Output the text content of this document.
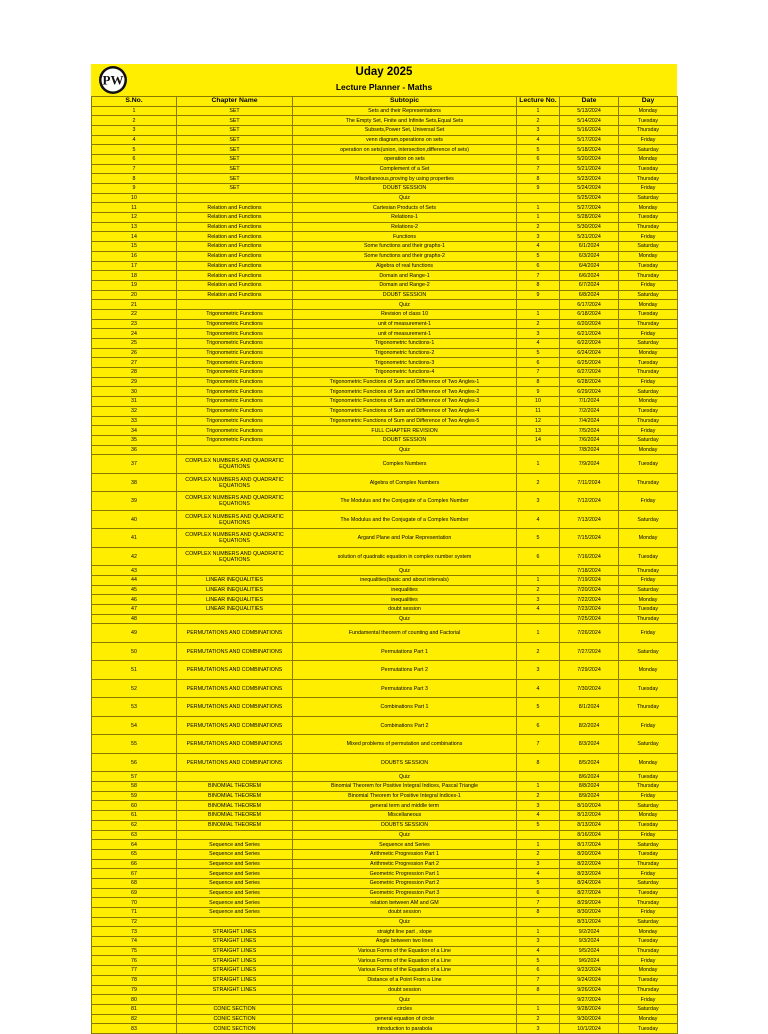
PW
Uday 2025
Lecture Planner - Maths
S.No.	Chapter Name	Subtopic	Lecture No.	Date	Day
1	SET	Sets and their Representations	1	5/13/2024	Monday
2	SET	The Empty Set, Finite and Infinite Sets,Equal Sets	2	5/14/2024	Tuesday
3	SET	Subsets,Power Set, Universal Set	3	5/16/2024	Thursday
4	SET	venn diagram,operations on sets	4	5/17/2024	Friday
5	SET	operation on sets(union, intersection,difference of sets)	5	5/18/2024	Saturday
6	SET	operation on sets	6	5/20/2024	Monday
7	SET	Complement of a Set	7	5/21/2024	Tuesday
8	SET	Miscellaneous,proving by using properties	8	5/23/2024	Thursday
9	SET	DOUBT SESSION	9	5/24/2024	Friday
10		Quiz		5/25/2024	Saturday
11	Relation and Functions	Cartesian Products of Sets	1	5/27/2024	Monday
12	Relation and Functions	Relations-1	1	5/28/2024	Tuesday
13	Relation and Functions	Relations-2	2	5/30/2024	Thursday
14	Relation and Functions	Functions	3	5/31/2024	Friday
15	Relation and Functions	Some functions and their graphs-1	4	6/1/2024	Saturday
16	Relation and Functions	Some functions and their graphs-2	5	6/3/2024	Monday
17	Relation and Functions	Algebra of real functions	6	6/4/2024	Tuesday
18	Relation and Functions	Domain and Range-1	7	6/6/2024	Thursday
19	Relation and Functions	Domain and Range-2	8	6/7/2024	Friday
20	Relation and Functions	DOUBT SESSION	9	6/8/2024	Saturday
21		Quiz		6/17/2024	Monday
22	Trigonometric Functions	Revision of class 10	1	6/18/2024	Tuesday
23	Trigonometric Functions	unit of measurement-1	2	6/20/2024	Thursday
24	Trigonometric Functions	unit of measurement-1	3	6/21/2024	Friday
25	Trigonometric Functions	Trigonometric functions-1	4	6/22/2024	Saturday
26	Trigonometric Functions	Trigonometric functions-2	5	6/24/2024	Monday
27	Trigonometric Functions	Trigonometric functions-3	6	6/25/2024	Tuesday
28	Trigonometric Functions	Trigonometric functions-4	7	6/27/2024	Thursday
29	Trigonometric Functions	Trigonometric Functions of Sum and Difference of Two Angles-1	8	6/28/2024	Friday
30	Trigonometric Functions	Trigonometric Functions of Sum and Difference of Two Angles-2	9	6/29/2024	Saturday
31	Trigonometric Functions	Trigonometric Functions of Sum and Difference of Two Angles-3	10	7/1/2024	Monday
32	Trigonometric Functions	Trigonometric Functions of Sum and Difference of Two Angles-4	11	7/2/2024	Tuesday
33	Trigonometric Functions	Trigonometric Functions of Sum and Difference of Two Angles-5	12	7/4/2024	Thursday
34	Trigonometric Functions	FULL CHAPTER REVISION	13	7/5/2024	Friday
35	Trigonometric Functions	DOUBT SESSION	14	7/6/2024	Saturday
36		Quiz		7/8/2024	Monday
37	COMPLEX NUMBERS AND QUADRATIC EQUATIONS	Complex Numbers	1	7/9/2024	Tuesday
38	COMPLEX NUMBERS AND QUADRATIC EQUATIONS	Algebra of Complex Numbers	2	7/11/2024	Thursday
39	COMPLEX NUMBERS AND QUADRATIC EQUATIONS	The Modulus and the Conjugate of a Complex Number	3	7/12/2024	Friday
40	COMPLEX NUMBERS AND QUADRATIC EQUATIONS	The Modulus and the Conjugate of a Complex Number	4	7/13/2024	Saturday
41	COMPLEX NUMBERS AND QUADRATIC EQUATIONS	Argand Plane and Polar Representation	5	7/15/2024	Monday
42	COMPLEX NUMBERS AND QUADRATIC EQUATIONS	solution of quadratic equation in complex number system	6	7/16/2024	Tuesday
43		Quiz		7/18/2024	Thursday
44	LINEAR INEQUALITIES	inequalities(basic and about intervals)	1	7/19/2024	Friday
45	LINEAR INEQUALITIES	inequalities	2	7/20/2024	Saturday
46	LINEAR INEQUALITIES	inequalities	3	7/22/2024	Monday
47	LINEAR INEQUALITIES	doubt session	4	7/23/2024	Tuesday
48		Quiz		7/25/2024	Thursday
49	PERMUTATIONS AND COMBINATIONS	Fundamental theorem of counting and Factorial	1	7/26/2024	Friday
50	PERMUTATIONS AND COMBINATIONS	Permutations Part 1	2	7/27/2024	Saturday
51	PERMUTATIONS AND COMBINATIONS	Permutations Part 2	3	7/29/2024	Monday
52	PERMUTATIONS AND COMBINATIONS	Permutations Part 3	4	7/30/2024	Tuesday
53	PERMUTATIONS AND COMBINATIONS	Combinations Part 1	5	8/1/2024	Thursday
54	PERMUTATIONS AND COMBINATIONS	Combinations Part 2	6	8/2/2024	Friday
55	PERMUTATIONS AND COMBINATIONS	Mixed problems of permutation and combinations	7	8/3/2024	Saturday
56	PERMUTATIONS AND COMBINATIONS	DOUBTS SESSION	8	8/5/2024	Monday
57		Quiz		8/6/2024	Tuesday
58	BINOMIAL THEOREM	Binomial Theorem for Positive Integral Indices, Pascal Triangle	1	8/8/2024	Thursday
59	BINOMIAL THEOREM	Binomial Theorem for Positive Integral Indices-1	2	8/9/2024	Friday
60	BINOMIAL THEOREM	general term and middle term	3	8/10/2024	Saturday
61	BINOMIAL THEOREM	Miscellaneous	4	8/12/2024	Monday
62	BINOMIAL THEOREM	DOUBTS SESSION	5	8/13/2024	Tuesday
63		Quiz		8/16/2024	Friday
64	Sequence and Series	Sequence and Series	1	8/17/2024	Saturday
65	Sequence and Series	Arithmetic Progression Part 1	2	8/20/2024	Tuesday
66	Sequence and Series	Arithmetic Progression Part 2	3	8/22/2024	Thursday
67	Sequence and Series	Geometric Progression Part 1	4	8/23/2024	Friday
68	Sequence and Series	Geometric Progression Part 2	5	8/24/2024	Saturday
69	Sequence and Series	Geometric Progression Part 3	6	8/27/2024	Tuesday
70	Sequence and Series	relation between AM and GM	7	8/29/2024	Thursday
71	Sequence and Series	doubt session	8	8/30/2024	Friday
72		Quiz		8/31/2024	Saturday
73	STRAIGHT LINES	straight line part , slope	1	9/2/2024	Monday
74	STRAIGHT LINES	Angle between two lines	3	9/3/2024	Tuesday
75	STRAIGHT LINES	Various Forms of the Equation of a Line	4	9/5/2024	Thursday
76	STRAIGHT LINES	Various Forms of the Equation of a Line	5	9/6/2024	Friday
77	STRAIGHT LINES	Various Forms of the Equation of a Line	6	9/23/2024	Monday
78	STRAIGHT LINES	Distance of a Point From a Line	7	9/24/2024	Tuesday
79	STRAIGHT LINES	doubt session	8	9/26/2024	Thursday
80		Quiz		9/27/2024	Friday
81	CONIC SECTION	circles	1	9/28/2024	Saturday
82	CONIC SECTION	general equation of circle	2	9/30/2024	Monday
83	CONIC SECTION	introduction to parabola	3	10/1/2024	Tuesday
